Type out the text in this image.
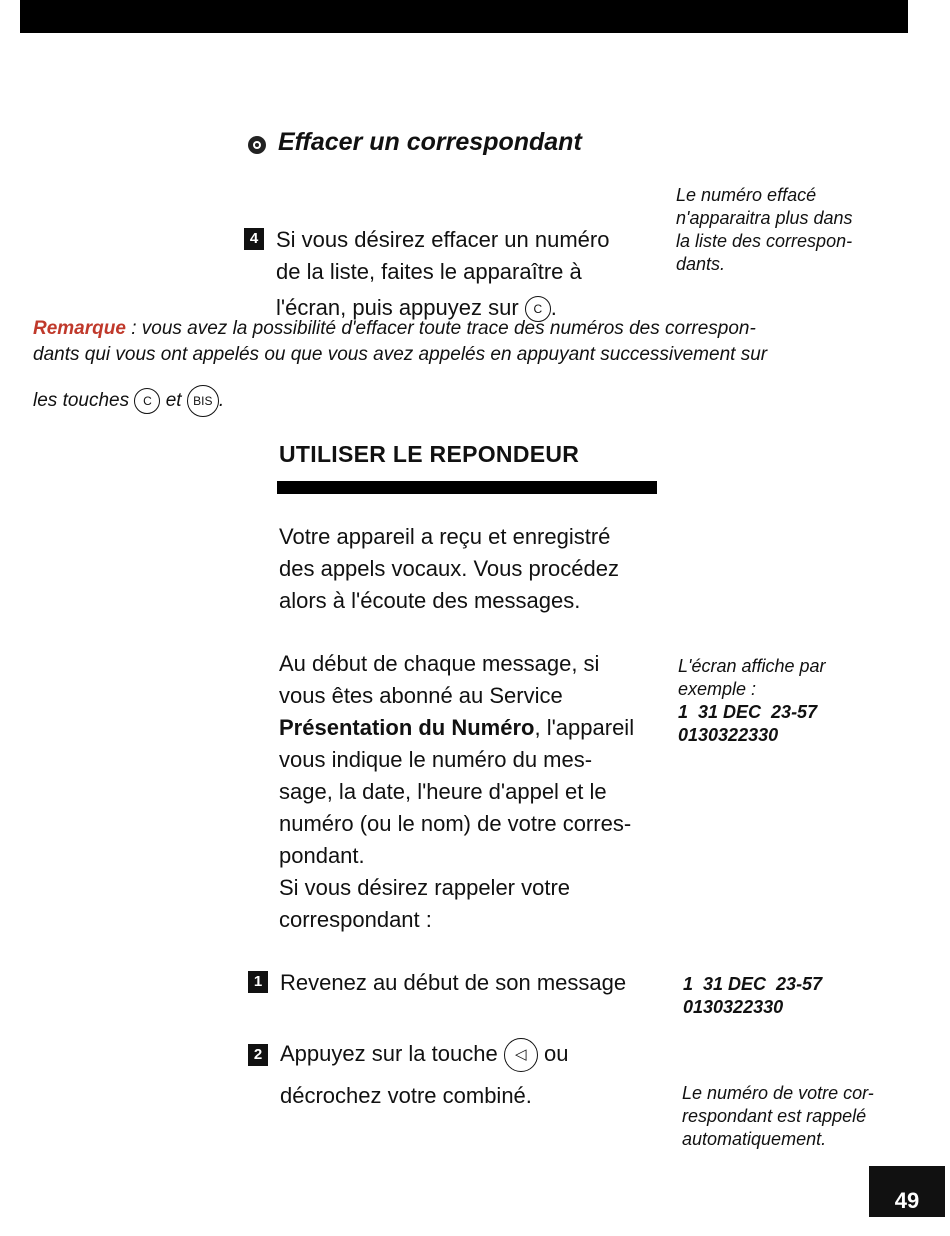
Effacer un correspondant
4 Si vous désirez effacer un numéro
de la liste, faites le apparaître à
l'écran, puis appuyez sur C .
Le numéro effacé
n'apparaitra plus dans
la liste des correspon-
dants.
Remarque : vous avez la possibilité d'effacer toute trace des numéros des correspon-
dants qui vous ont appelés ou que vous avez appelés en appuyant successivement sur
les touches C et BIS .
UTILISER LE REPONDEUR
Votre appareil a reçu et enregistré
des appels vocaux. Vous procédez
alors à l'écoute des messages.
Au début de chaque message, si
vous êtes abonné au Service
Présentation du Numéro, l'appareil
vous indique le numéro du mes-
sage, la date, l'heure d'appel et le
numéro (ou le nom) de votre corres-
pondant.
Si vous désirez rappeler votre
correspondant :
L'écran affiche par
exemple :
1  31 DEC  23-57
0130322330
1 Revenez au début de son message	1  31 DEC  23-57
0130322330
2 Appuyez sur la touche ◁ ou
décrochez votre combiné.	Le numéro de votre cor-
respondant est rappelé
automatiquement.
49
